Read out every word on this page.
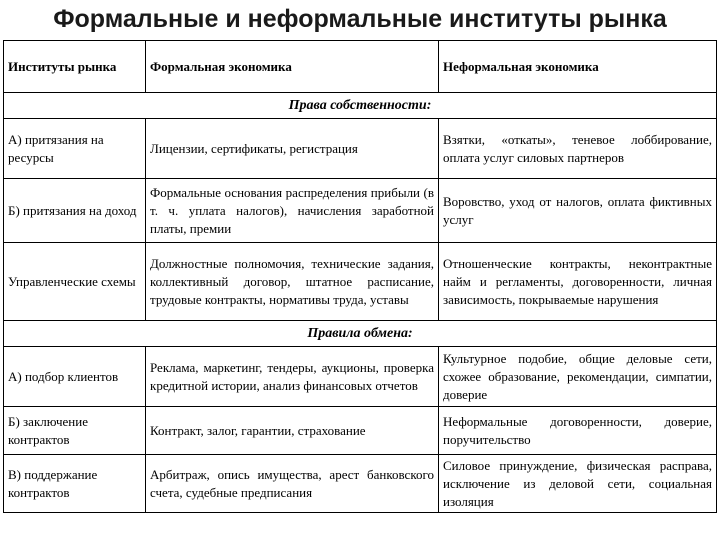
Формальные и неформальные институты рынка
Институты рынка	Формальная экономика	Неформальная экономика
Права собственности:		
А) притязания на ресурсы	Лицензии, сертификаты, регистрация	Взятки, «откаты», теневое лоббирование, оплата услуг силовых партнеров
Б) притязания на доход	Формальные основания распределения прибыли (в т. ч. уплата налогов), начисления заработной платы, премии	Воровство, уход от налогов, оплата фиктивных услуг
Управленческие схемы	Должностные полномочия, технические задания, коллективный договор, штатное расписание, трудовые контракты, нормативы труда, уставы	Отношенческие контракты, неконтрактные найм и регламенты, договоренности, личная зависимость, покрываемые нарушения
Правила обмена:		
А) подбор клиентов	Реклама, маркетинг, тендеры, аукционы, проверка кредитной истории, анализ финансовых отчетов	Культурное подобие, общие деловые сети, схожее образование, рекомендации, симпатии, доверие
Б) заключение контрактов	Контракт, залог, гарантии, страхование	Неформальные договоренности, доверие, поручительство
В) поддержание контрактов	Арбитраж, опись имущества, арест банковского счета, судебные предписания	Силовое принуждение, физическая расправа, исключение из деловой сети, социальная изоляция
